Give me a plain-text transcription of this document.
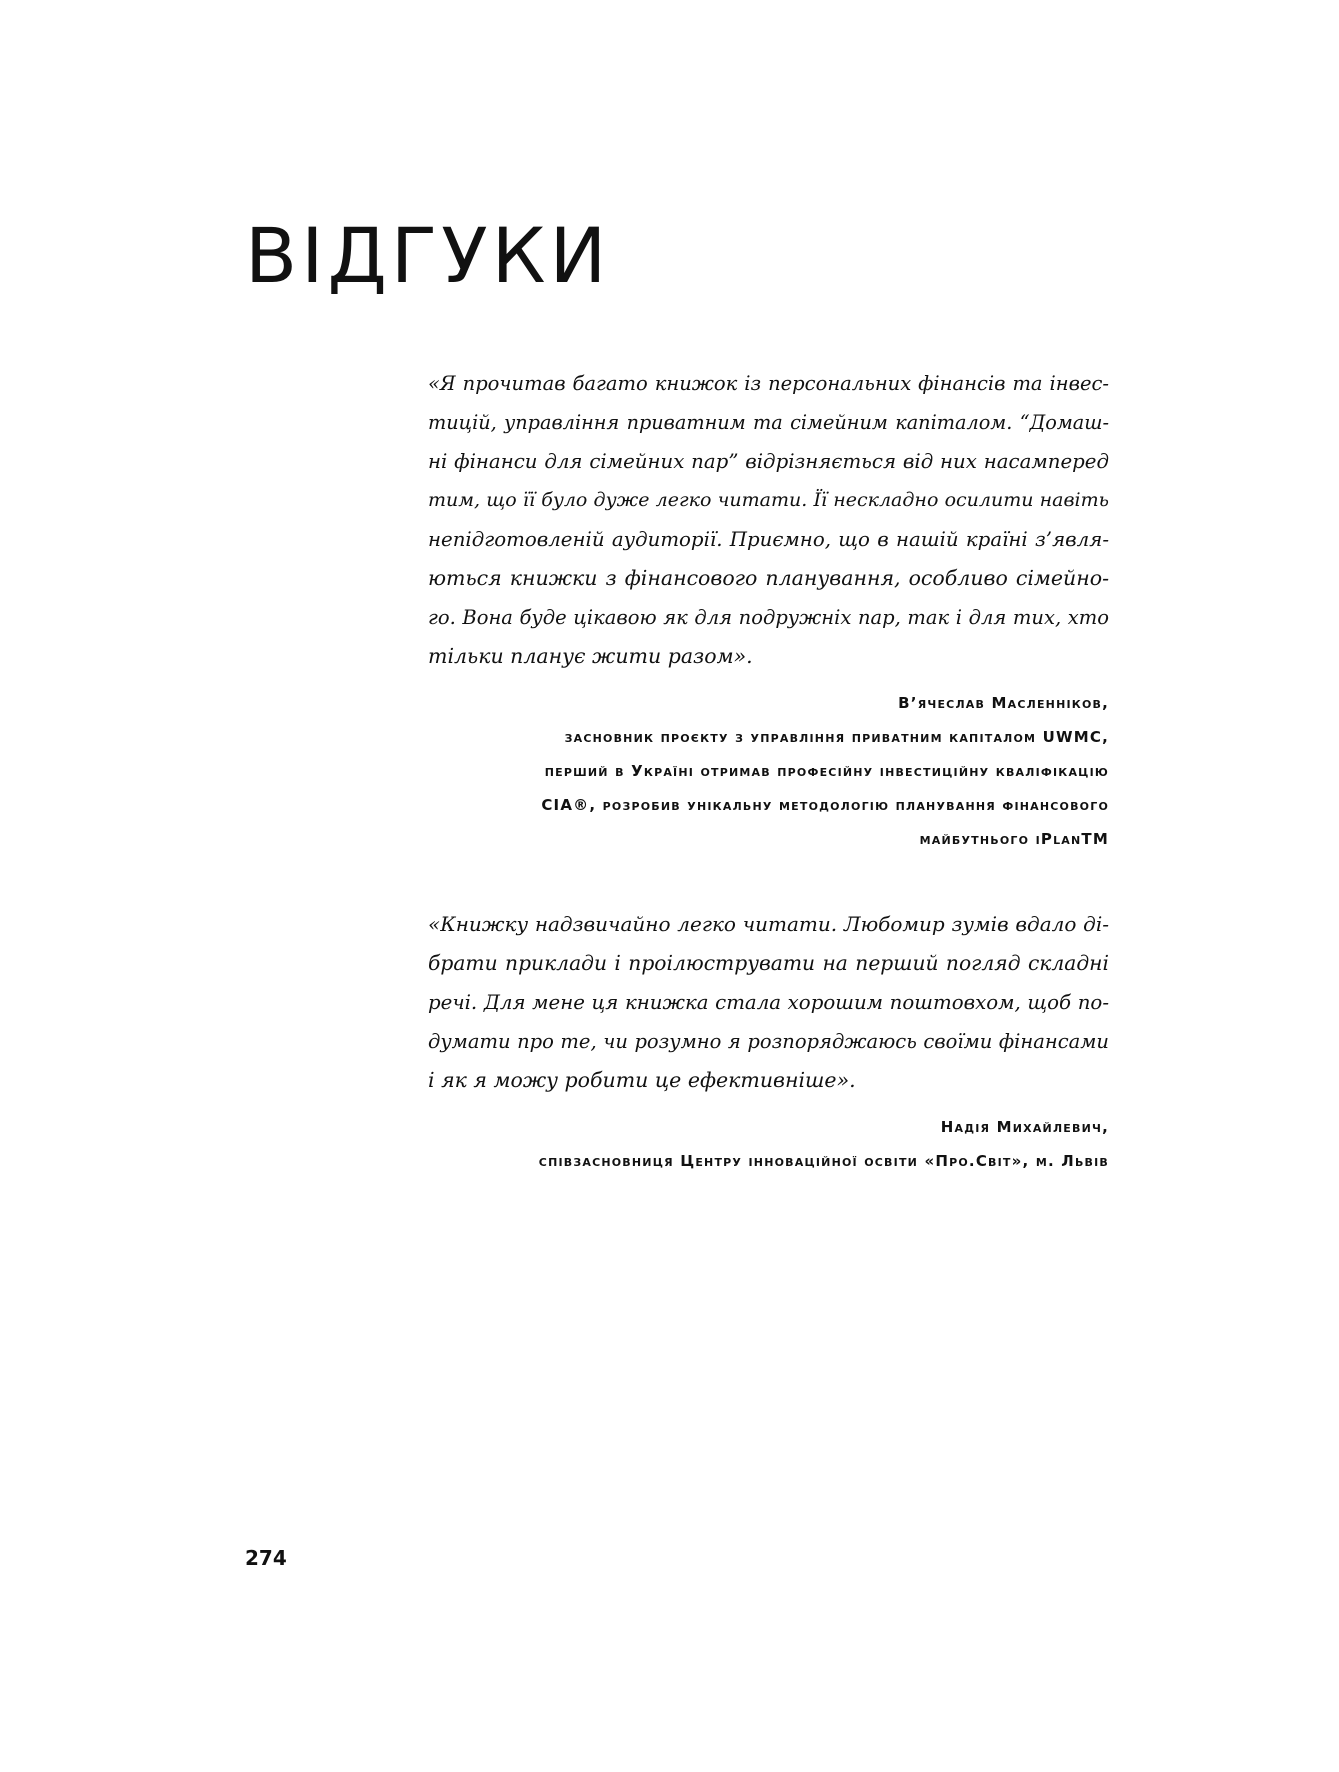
ВІДГУКИ
«Я прочитав багато книжок із персональних фінансів та інвес-
тицій, управління приватним та сімейним капіталом. “Домаш-
ні фінанси для сімейних пар” відрізняється від них насамперед
тим, що її було дуже легко читати. Її нескладно осилити навіть
непідготовленій аудиторії. Приємно, що в нашій країні з’явля-
ються книжки з фінансового планування, особливо сімейно-
го. Вона буде цікавою як для подружніх пар, так і для тих, хто
тільки планує жити разом».
В’ячеслав Масленніков,
засновник проєкту з управління приватним капіталом UWMC,
перший в Україні отримав професійну інвестиційну кваліфікацію
CIA®, розробив унікальну методологію планування фінансового
майбутнього iPlanTM
«Книжку надзвичайно легко читати. Любомир зумів вдало ді-
брати приклади і проілюструвати на перший погляд складні
речі. Для мене ця книжка стала хорошим поштовхом, щоб по-
думати про те, чи розумно я розпоряджаюсь своїми фінансами
і як я можу робити це ефективніше».
Надія Михайлевич,
співзасновниця Центру інноваційної освіти «Про.Світ», м. Львів
274
